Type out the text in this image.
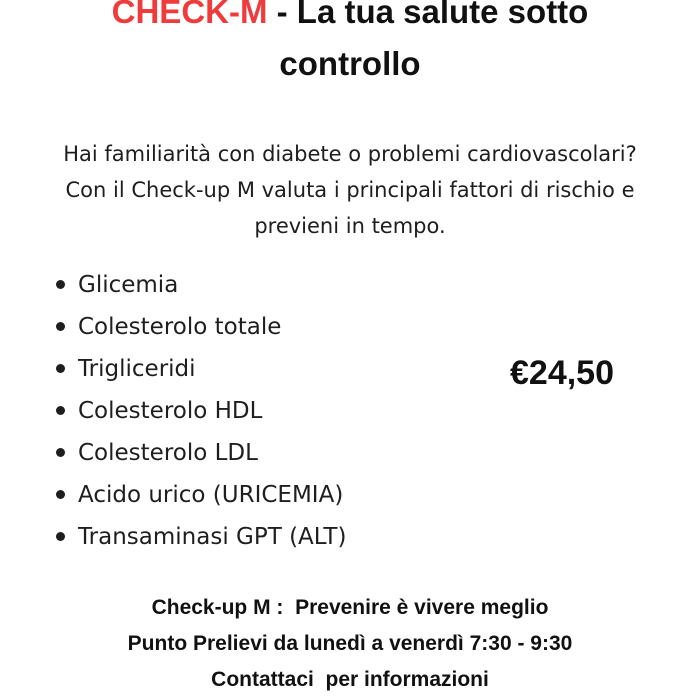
CHECK-M - La tua salute sotto
controllo

Hai familiarità con diabete o problemi cardiovascolari?
Con il Check-up M valuta i principali fattori di rischio e
previeni in tempo.

Glicemia
Colesterolo totale
Trigliceridi
Colesterolo HDL
Colesterolo LDL
Acido urico (URICEMIA)
Transaminasi GPT (ALT)
€24,50
Check-up M :  Prevenire è vivere meglio
Punto Prelievi da lunedì a venerdì 7:30 - 9:30
Contattaci  per informazioni
